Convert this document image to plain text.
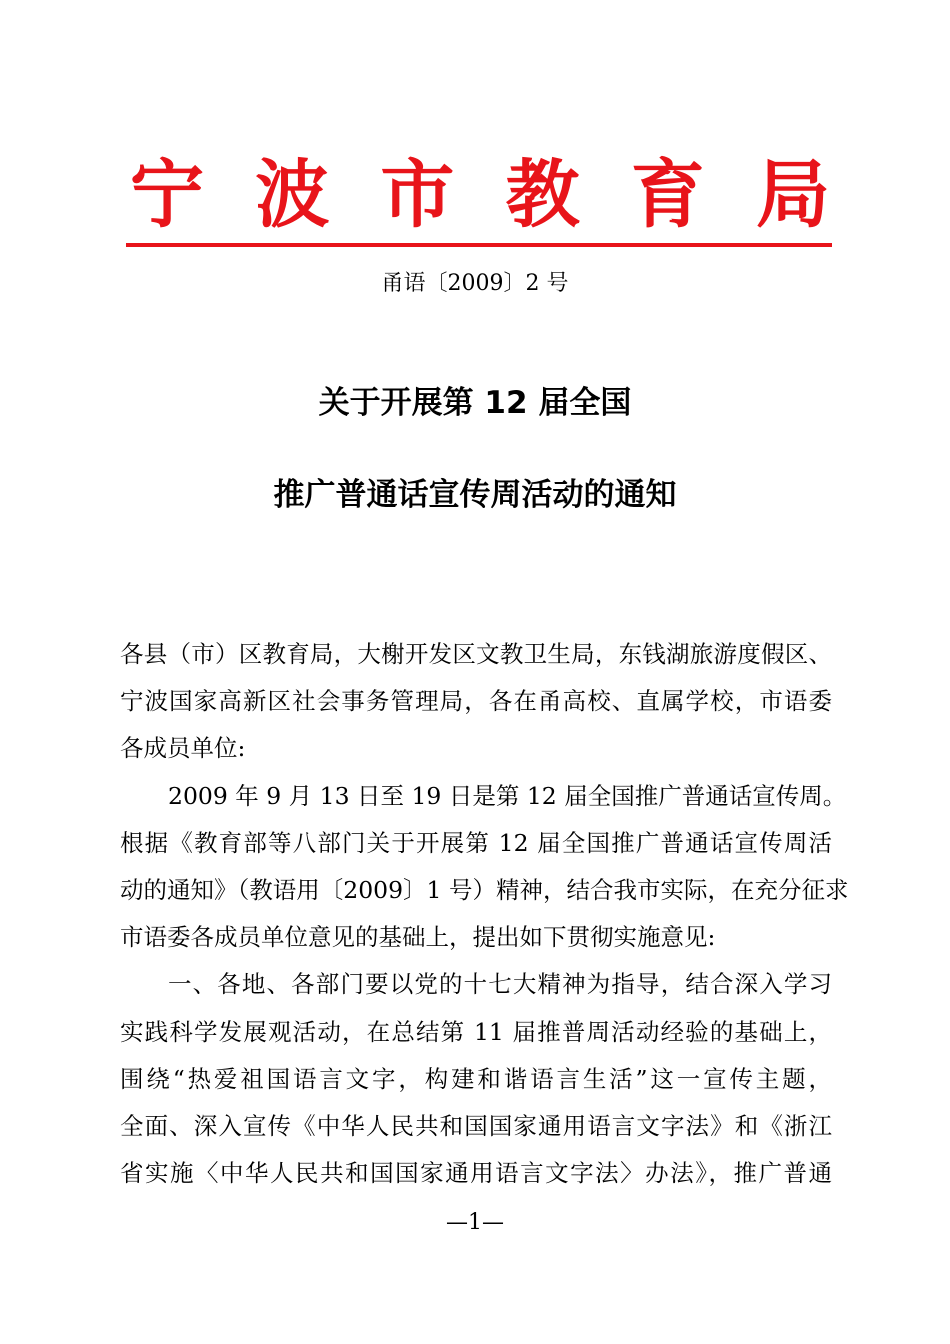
宁 波 市 教 育 局
甬语〔2009〕2 号
关于开展第 12 届全国
推广普通话宣传周活动的通知
各县（市）区教育局，大榭开发区文教卫生局，东钱湖旅游度假区、
宁波国家高新区社会事务管理局，各在甬高校、直属学校，市语委
各成员单位:
2009 年 9 月 13 日至 19 日是第 12 届全国推广普通话宣传周。
根据《教育部等八部门关于开展第 12 届全国推广普通话宣传周活
动的通知》（教语用〔2009〕1 号）精神，结合我市实际，在充分征求
市语委各成员单位意见的基础上，提出如下贯彻实施意见:
一、各地、各部门要以党的十七大精神为指导，结合深入学习
实践科学发展观活动，在总结第 11 届推普周活动经验的基础上，
围绕“热爱祖国语言文字，构建和谐语言生活”这一宣传主题，
全面、深入宣传《中华人民共和国国家通用语言文字法》和《浙江
省实施〈中华人民共和国国家通用语言文字法〉办法》，推广普通
—1—
